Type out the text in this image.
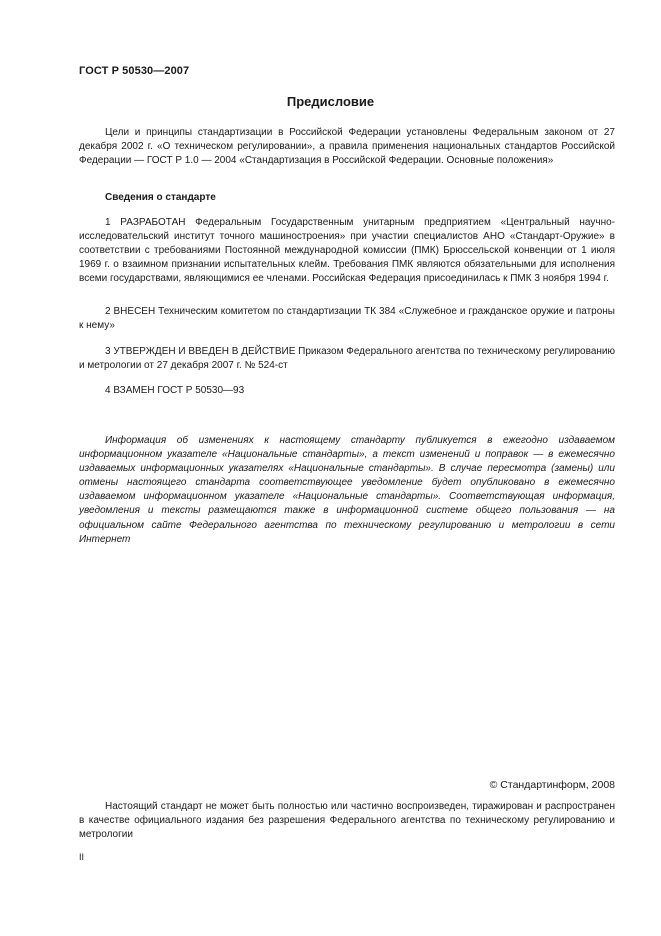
ГОСТ Р 50530—2007
Предисловие
Цели и принципы стандартизации в Российской Федерации установлены Федеральным законом от 27 декабря 2002 г. «О техническом регулировании», а правила применения национальных стандартов Российской Федерации — ГОСТ Р 1.0 — 2004 «Стандартизация в Российской Федерации. Основные положения»
Сведения о стандарте
1 РАЗРАБОТАН Федеральным Государственным унитарным предприятием «Центральный научно-исследовательский институт точного машиностроения» при участии специалистов АНО «Стандарт-Оружие» в соответствии с требованиями Постоянной международной комиссии (ПМК) Брюссельской конвенции от 1 июля 1969 г. о взаимном признании испытательных клейм. Требования ПМК являются обязательными для исполнения всеми государствами, являющимися ее членами. Российская Федерация присоединилась к ПМК 3 ноября 1994 г.
2 ВНЕСЕН Техническим комитетом по стандартизации ТК 384 «Служебное и гражданское оружие и патроны к нему»
3 УТВЕРЖДЕН И ВВЕДЕН В ДЕЙСТВИЕ Приказом Федерального агентства по техническому регулированию и метрологии от 27 декабря 2007 г. № 524-ст
4 ВЗАМЕН ГОСТ Р 50530—93
Информация об изменениях к настоящему стандарту публикуется в ежегодно издаваемом информационном указателе «Национальные стандарты», а текст изменений и поправок — в ежемесячно издаваемых информационных указателях «Национальные стандарты». В случае пересмотра (замены) или отмены настоящего стандарта соответствующее уведомление будет опубликовано в ежемесячно издаваемом информационном указателе «Национальные стандарты». Соответствующая информация, уведомления и тексты размещаются также в информационной системе общего пользования — на официальном сайте Федерального агентства по техническому регулированию и метрологии в сети Интернет
© Стандартинформ, 2008
Настоящий стандарт не может быть полностью или частично воспроизведен, тиражирован и распространен в качестве официального издания без разрешения Федерального агентства по техническому регулированию и метрологии
II
